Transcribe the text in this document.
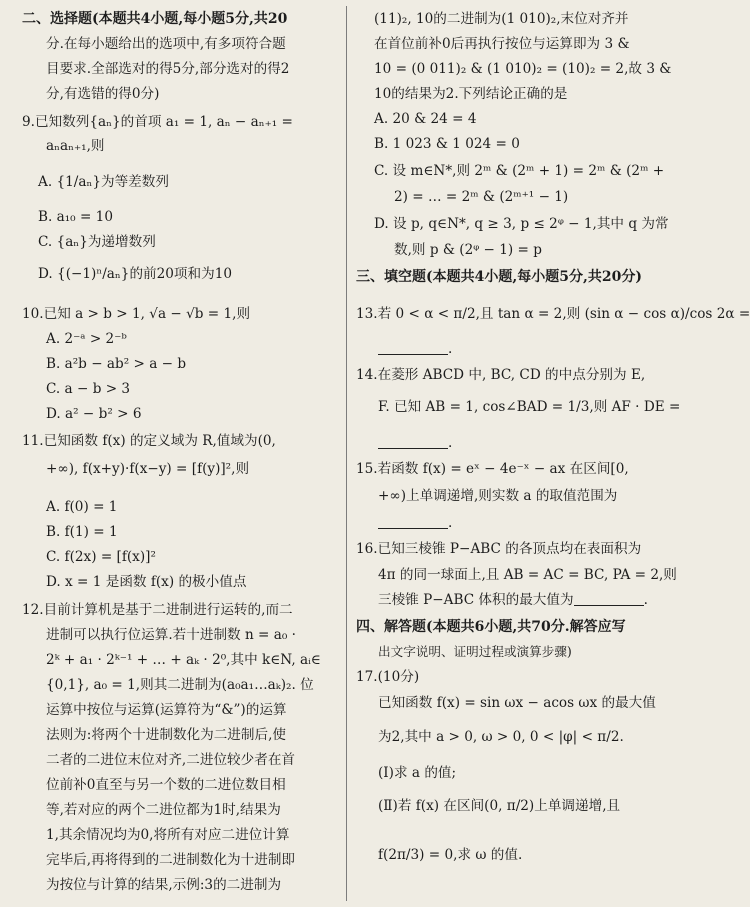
二、选择题(本题共4小题,每小题5分,共20
分.在每小题给出的选项中,有多项符合题
目要求.全部选对的得5分,部分选对的得2
分,有选错的得0分)
9.已知数列{aₙ}的首项 a₁ = 1, aₙ − aₙ₊₁ =
aₙaₙ₊₁,则
A. {1/aₙ}为等差数列
B. a₁₀ = 10
C. {aₙ}为递增数列
D. {(−1)ⁿ/aₙ}的前20项和为10
10.已知 a > b > 1, √a − √b = 1,则
A. 2⁻ᵃ > 2⁻ᵇ
B. a²b − ab² > a − b
C. a − b > 3
D. a² − b² > 6
11.已知函数 f(x) 的定义域为 R,值域为(0,
+∞), f(x+y)·f(x−y) = [f(y)]²,则
A. f(0) = 1
B. f(1) = 1
C. f(2x) = [f(x)]²
D. x = 1 是函数 f(x) 的极小值点
12.目前计算机是基于二进制进行运转的,而二
进制可以执行位运算.若十进制数 n = a₀ ·
2ᵏ + a₁ · 2ᵏ⁻¹ + … + aₖ · 2⁰,其中 k∈N, aᵢ∈
{0,1}, a₀ = 1,则其二进制为(a₀a₁…aₖ)₂. 位
运算中按位与运算(运算符为“&”)的运算
法则为:将两个十进制数化为二进制后,使
二者的二进位末位对齐,二进位较少者在首
位前补0直至与另一个数的二进位数目相
等,若对应的两个二进位都为1时,结果为
1,其余情况均为0,将所有对应二进位计算
完毕后,再将得到的二进制数化为十进制即
为按位与计算的结果,示例:3的二进制为
(11)₂, 10的二进制为(1 010)₂,末位对齐并
在首位前补0后再执行按位与运算即为 3 &
10 = (0 011)₂ & (1 010)₂ = (10)₂ = 2,故 3 &
10的结果为2.下列结论正确的是
A. 20 & 24 = 4
B. 1 023 & 1 024 = 0
C. 设 m∈N*,则 2ᵐ & (2ᵐ + 1) = 2ᵐ & (2ᵐ +
2) = … = 2ᵐ & (2ᵐ⁺¹ − 1)
D. 设 p, q∈N*, q ≥ 3, p ≤ 2ᵠ − 1,其中 q 为常
数,则 p & (2ᵠ − 1) = p
三、填空题(本题共4小题,每小题5分,共20分)
13.若 0 < α < π/2,且 tan α = 2,则 (sin α − cos α)/cos 2α =
.
14.在菱形 ABCD 中, BC, CD 的中点分别为 E,
F. 已知 AB = 1, cos∠BAD = 1/3,则 AF · DE =
.
15.若函数 f(x) = eˣ − 4e⁻ˣ − ax 在区间[0,
+∞)上单调递增,则实数 a 的取值范围为
.
16.已知三棱锥 P−ABC 的各顶点均在表面积为
4π 的同一球面上,且 AB = AC = BC, PA = 2,则
三棱锥 P−ABC 体积的最大值为	.
四、解答题(本题共6小题,共70分.解答应写
出文字说明、证明过程或演算步骤)
17.(10分)
已知函数 f(x) = sin ωx − acos ωx 的最大值
为2,其中 a > 0, ω > 0, 0 < |φ| < π/2.
(Ⅰ)求 a 的值;
(Ⅱ)若 f(x) 在区间(0, π/2)上单调递增,且
f(2π/3) = 0,求 ω 的值.
